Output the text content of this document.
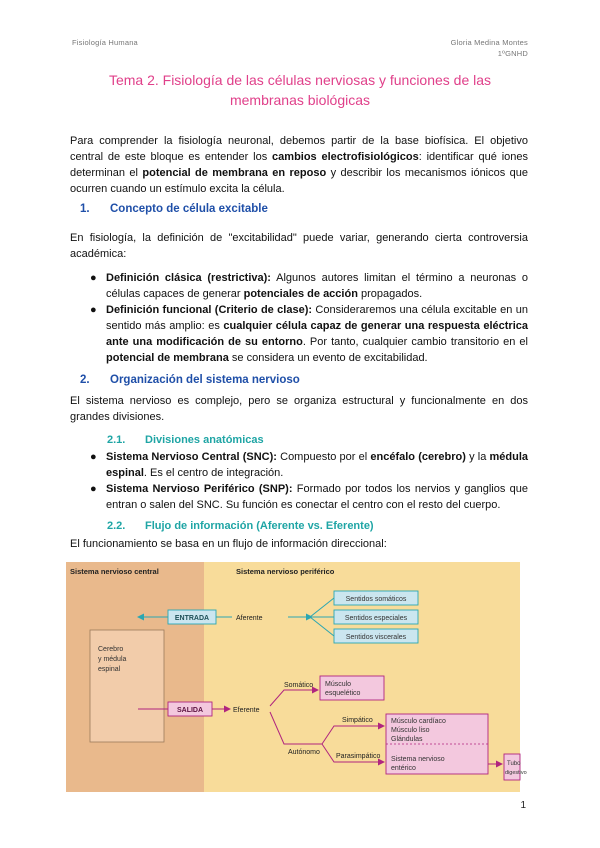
Fisiología Humana	Gloria Medina Montes
1ºGNHD
Tema 2. Fisiología de las células nerviosas y funciones de las
membranas biológicas
Para comprender la fisiología neuronal, debemos partir de la base biofísica. El objetivo central de este bloque es entender los cambios electrofisiológicos: identificar qué iones determinan el potencial de membrana en reposo y describir los mecanismos iónicos que ocurren cuando un estímulo excita la célula.
1. Concepto de célula excitable
En fisiología, la definición de "excitabilidad" puede variar, generando cierta controversia académica:
● Definición clásica (restrictiva): Algunos autores limitan el término a neuronas o células capaces de generar potenciales de acción propagados.
● Definición funcional (Criterio de clase): Consideraremos una célula excitable en un sentido más amplio: es cualquier célula capaz de generar una respuesta eléctrica ante una modificación de su entorno. Por tanto, cualquier cambio transitorio en el potencial de membrana se considera un evento de excitabilidad.
2. Organización del sistema nervioso
El sistema nervioso es complejo, pero se organiza estructural y funcionalmente en dos grandes divisiones.
2.1. Divisiones anatómicas
● Sistema Nervioso Central (SNC): Compuesto por el encéfalo (cerebro) y la médula espinal. Es el centro de integración.
● Sistema Nervioso Periférico (SNP): Formado por todos los nervios y ganglios que entran o salen del SNC. Su función es conectar el centro con el resto del cuerpo.
2.2. Flujo de información (Aferente vs. Eferente)
El funcionamiento se basa en un flujo de información direccional:
Sistema nervioso central	Sistema nervioso periférico
Cerebro
y médula
espinal
ENTRADA	Aferente
Sentidos somáticos
Sentidos especiales
Sentidos viscerales
SALIDA	Eferente
Somático Músculo
esquelético
Autónomo
Simpático
Parasimpático
Músculo cardíaco
Músculo liso
Glándulas
Sistema nervioso
entérico
Tubo
digestivo
1
